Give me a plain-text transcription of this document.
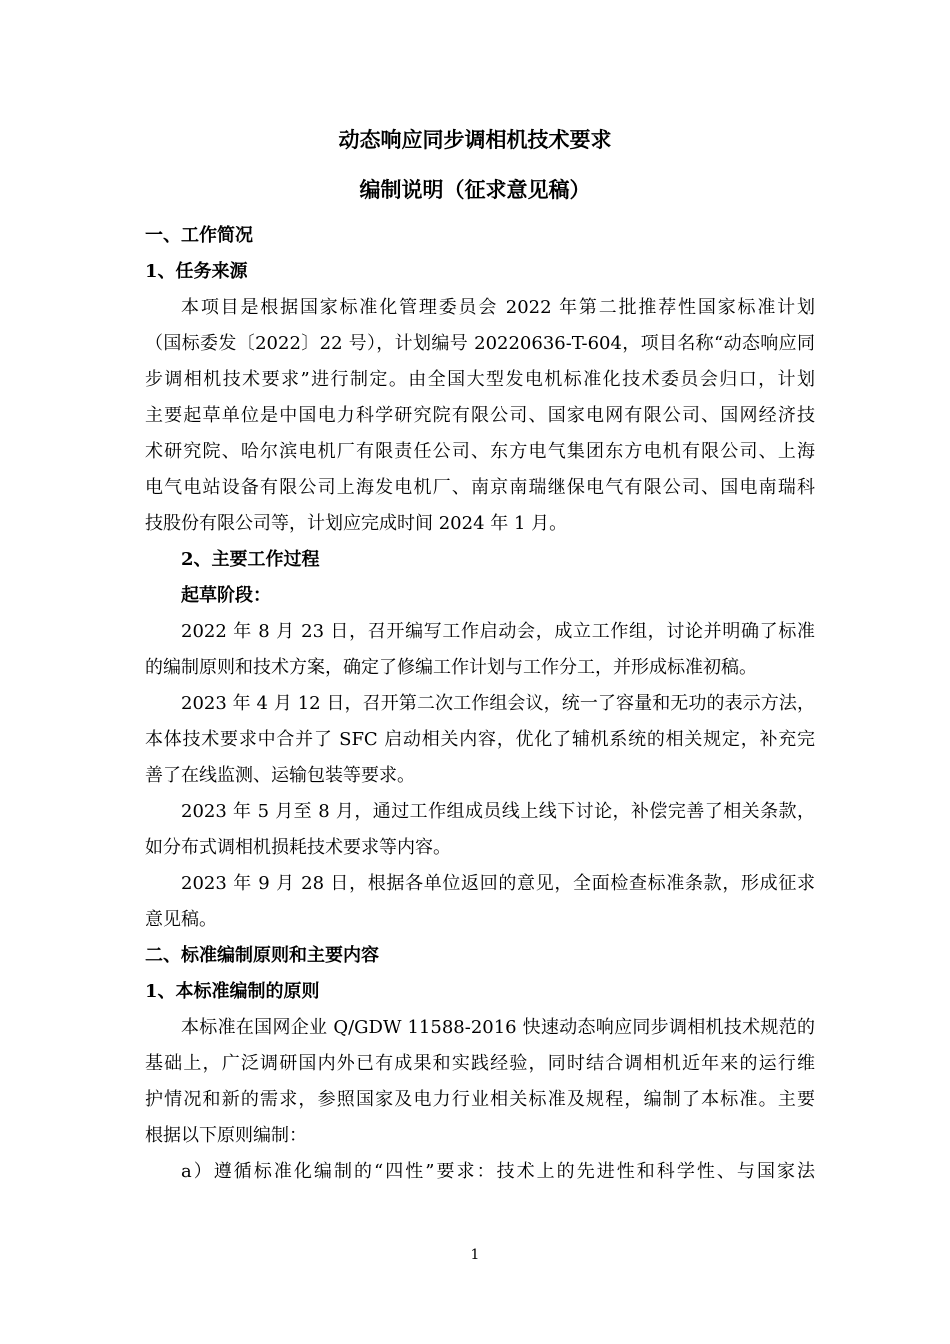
动态响应同步调相机技术要求
编制说明（征求意见稿）
一、工作简况
1、任务来源
本项目是根据国家标准化管理委员会 2022 年第二批推荐性国家标准计划
（国标委发〔2022〕22 号），计划编号 20220636-T-604，项目名称“动态响应同
步调相机技术要求”进行制定。由全国大型发电机标准化技术委员会归口，计划
主要起草单位是中国电力科学研究院有限公司、国家电网有限公司、国网经济技
术研究院、哈尔滨电机厂有限责任公司、东方电气集团东方电机有限公司、上海
电气电站设备有限公司上海发电机厂、南京南瑞继保电气有限公司、国电南瑞科
技股份有限公司等，计划应完成时间 2024 年 1 月。
2、主要工作过程
起草阶段：
2022 年 8 月 23 日，召开编写工作启动会，成立工作组，讨论并明确了标准
的编制原则和技术方案，确定了修编工作计划与工作分工，并形成标准初稿。
2023 年 4 月 12 日，召开第二次工作组会议，统一了容量和无功的表示方法，
本体技术要求中合并了 SFC 启动相关内容，优化了辅机系统的相关规定，补充完
善了在线监测、运输包装等要求。
2023 年 5 月至 8 月，通过工作组成员线上线下讨论，补偿完善了相关条款，
如分布式调相机损耗技术要求等内容。
2023 年 9 月 28 日，根据各单位返回的意见，全面检查标准条款，形成征求
意见稿。
二、标准编制原则和主要内容
1、本标准编制的原则
本标准在国网企业 Q/GDW 11588-2016 快速动态响应同步调相机技术规范的
基础上，广泛调研国内外已有成果和实践经验，同时结合调相机近年来的运行维
护情况和新的需求，参照国家及电力行业相关标准及规程，编制了本标准。主要
根据以下原则编制：
a）遵循标准化编制的“四性”要求：技术上的先进性和科学性、与国家法
1
